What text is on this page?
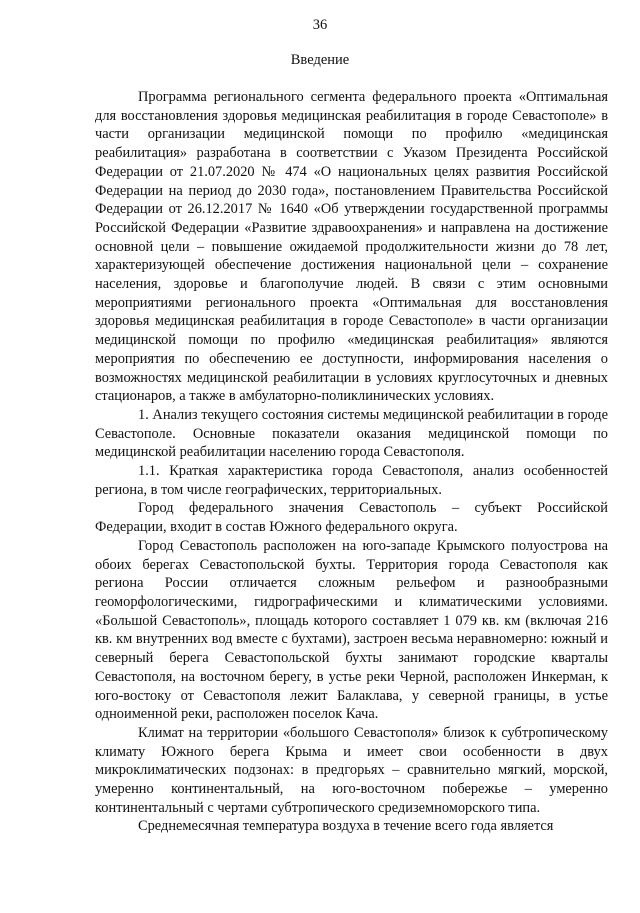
36
Введение

Программа регионального сегмента федерального проекта «Оптимальная для восстановления здоровья медицинская реабилитация в городе Севастополе» в части организации медицинской помощи по профилю «медицинская реабилитация» разработана в соответствии с Указом Президента Российской Федерации от 21.07.2020 № 474 «О национальных целях развития Российской Федерации на период до 2030 года», постановлением Правительства Российской Федерации от 26.12.2017 № 1640 «Об утверждении государственной программы Российской Федерации «Развитие здравоохранения» и направлена на достижение основной цели – повышение ожидаемой продолжительности жизни до 78 лет, характеризующей обеспечение достижения национальной цели – сохранение населения, здоровье и благополучие людей. В связи с этим основными мероприятиями регионального проекта «Оптимальная для восстановления здоровья медицинская реабилитация в городе Севастополе» в части организации медицинской помощи по профилю «медицинская реабилитация» являются мероприятия по обеспечению ее доступности, информирования населения о возможностях медицинской реабилитации в условиях круглосуточных и дневных стационаров, а также в амбулаторно-поликлинических условиях.

1. Анализ текущего состояния системы медицинской реабилитации в городе Севастополе. Основные показатели оказания медицинской помощи по медицинской реабилитации населению города Севастополя.

1.1. Краткая характеристика города Севастополя, анализ особенностей региона, в том числе географических, территориальных.

Город федерального значения Севастополь – субъект Российской Федерации, входит в состав Южного федерального округа.

Город Севастополь расположен на юго-западе Крымского полуострова на обоих берегах Севастопольской бухты. Территория города Севастополя как региона России отличается сложным рельефом и разнообразными геоморфологическими, гидрографическими и климатическими условиями. «Большой Севастополь», площадь которого составляет 1 079 кв. км (включая 216 кв. км внутренних вод вместе с бухтами), застроен весьма неравномерно: южный и северный берега Севастопольской бухты занимают городские кварталы Севастополя, на восточном берегу, в устье реки Черной, расположен Инкерман, к юго-востоку от Севастополя лежит Балаклава, у северной границы, в устье одноименной реки, расположен поселок Кача.

Климат на территории «большого Севастополя» близок к субтропическому климату Южного берега Крыма и имеет свои особенности в двух микроклиматических подзонах: в предгорьях – сравнительно мягкий, морской, умеренно континентальный, на юго-восточном побережье – умеренно континентальный с чертами субтропического средиземноморского типа.

Среднемесячная температура воздуха в течение всего года является
